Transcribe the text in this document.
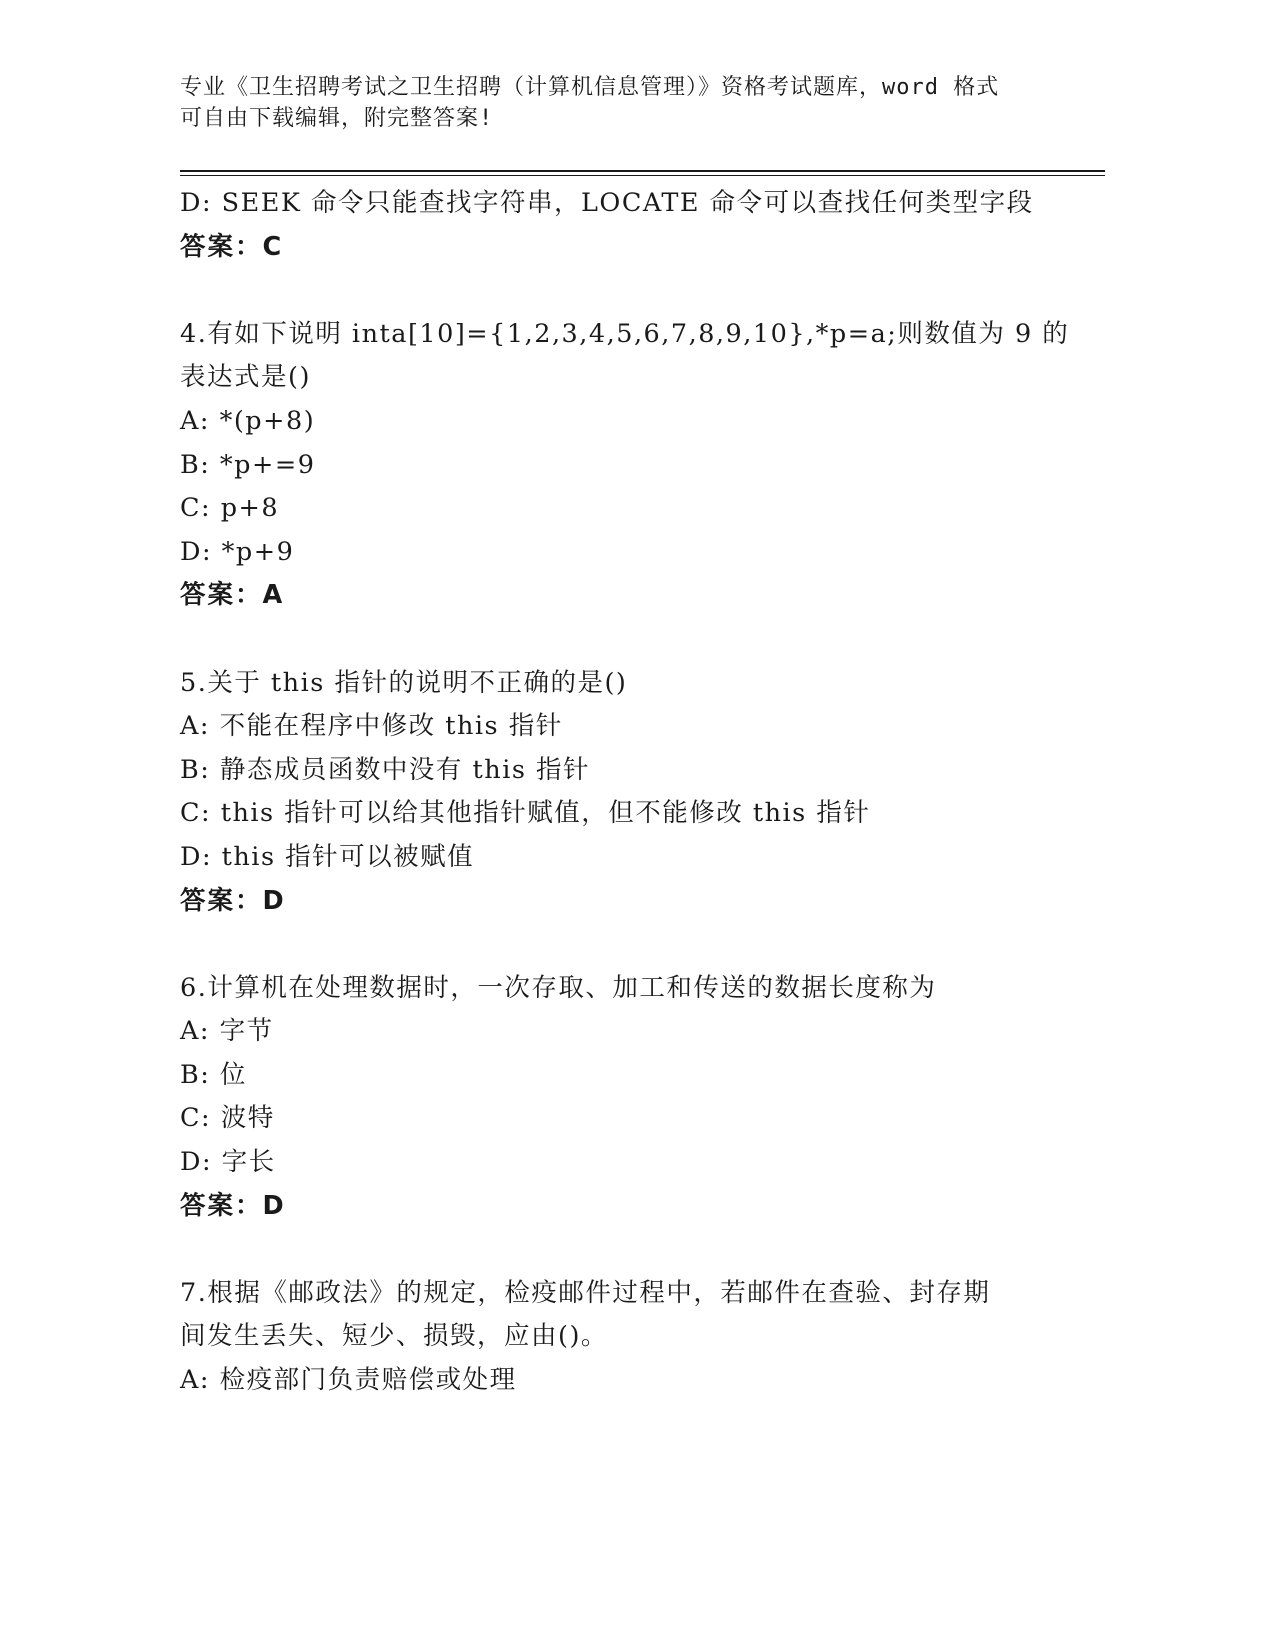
专业《卫生招聘考试之卫生招聘（计算机信息管理）》资格考试题库，word 格式
可自由下载编辑，附完整答案!
D: SEEK 命令只能查找字符串，LOCATE 命令可以查找任何类型字段
答案：C
4.有如下说明 inta[10]={1,2,3,4,5,6,7,8,9,10},*p=a;则数值为 9 的
表达式是()
A: *(p+8)
B: *p+=9
C: p+8
D: *p+9
答案：A
5.关于 this 指针的说明不正确的是()
A: 不能在程序中修改 this 指针
B: 静态成员函数中没有 this 指针
C: this 指针可以给其他指针赋值，但不能修改 this 指针
D: this 指针可以被赋值
答案：D
6.计算机在处理数据时，一次存取、加工和传送的数据长度称为
A: 字节
B: 位
C: 波特
D: 字长
答案：D
7.根据《邮政法》的规定，检疫邮件过程中，若邮件在查验、封存期
间发生丢失、短少、损毁，应由()。
A: 检疫部门负责赔偿或处理
